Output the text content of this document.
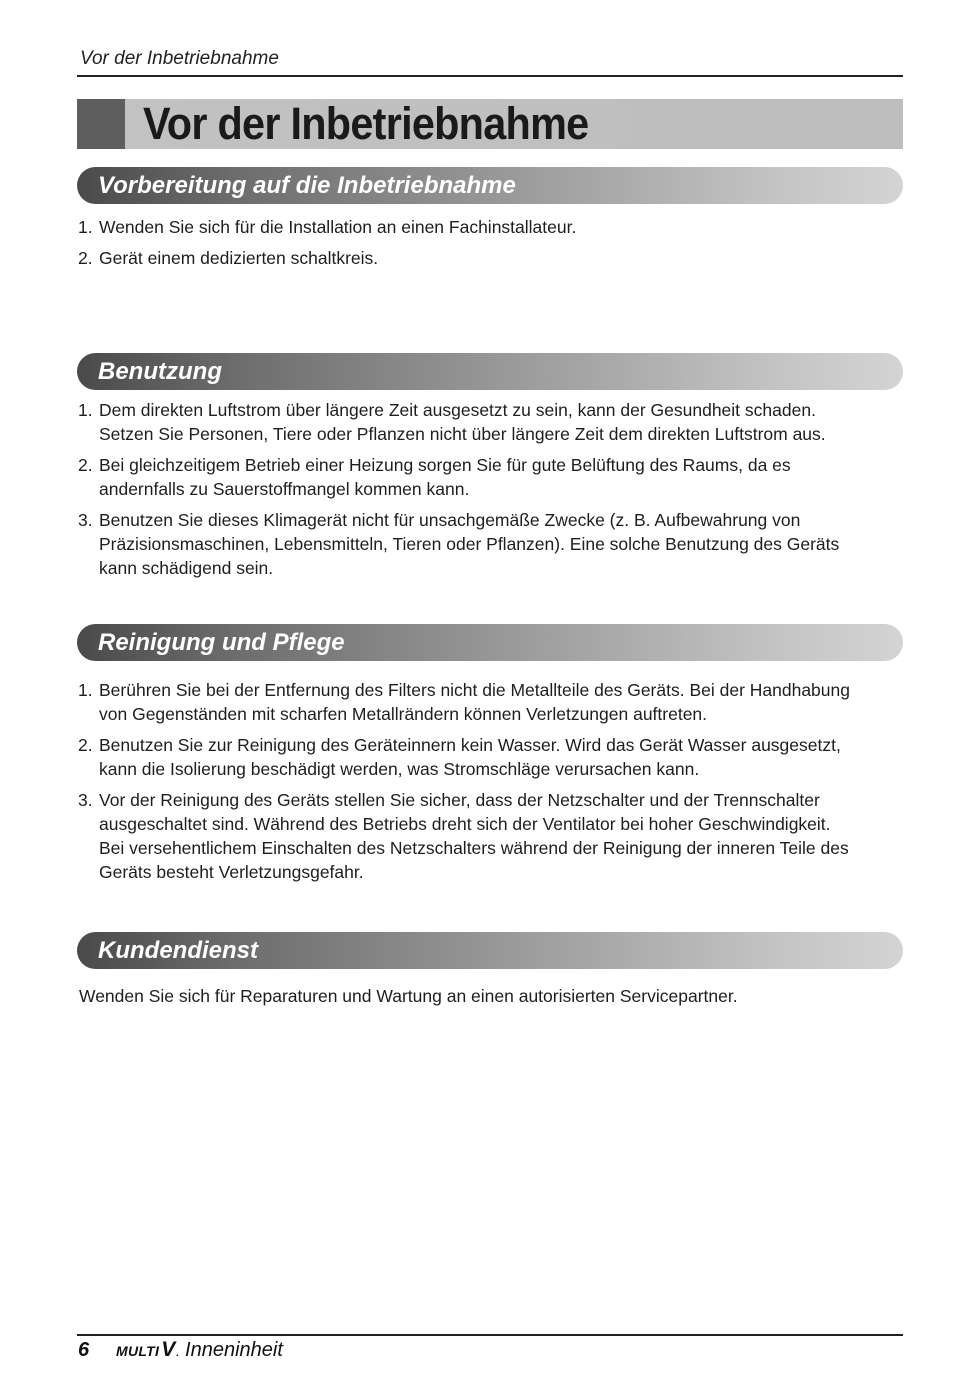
Vor der Inbetriebnahme
Vor der Inbetriebnahme
Vorbereitung auf die Inbetriebnahme
1. Wenden Sie sich für die Installation an einen Fachinstallateur.
2. Gerät einem dedizierten schaltkreis.
Benutzung
1. Dem direkten Luftstrom über längere Zeit ausgesetzt zu sein, kann der Gesundheit schaden.
Setzen Sie Personen, Tiere oder Pflanzen nicht über längere Zeit dem direkten Luftstrom aus.
2. Bei gleichzeitigem Betrieb einer Heizung sorgen Sie für gute Belüftung des Raums, da es
andernfalls zu Sauerstoffmangel kommen kann.
3. Benutzen Sie dieses Klimagerät nicht für unsachgemäße Zwecke (z. B. Aufbewahrung von
Präzisionsmaschinen, Lebensmitteln, Tieren oder Pflanzen). Eine solche Benutzung des Geräts
kann schädigend sein.
Reinigung und Pflege
1. Berühren Sie bei der Entfernung des Filters nicht die Metallteile des Geräts. Bei der Handhabung
von Gegenständen mit scharfen Metallrändern können Verletzungen auftreten.
2. Benutzen Sie zur Reinigung des Geräteinnern kein Wasser. Wird das Gerät Wasser ausgesetzt,
kann die Isolierung beschädigt werden, was Stromschläge verursachen kann.
3. Vor der Reinigung des Geräts stellen Sie sicher, dass der Netzschalter und der Trennschalter
ausgeschaltet sind. Während des Betriebs dreht sich der Ventilator bei hoher Geschwindigkeit.
Bei versehentlichem Einschalten des Netzschalters während der Reinigung der inneren Teile des
Geräts besteht Verletzungsgefahr.
Kundendienst
Wenden Sie sich für Reparaturen und Wartung an einen autorisierten Servicepartner.
6	MULTI V . Inneninheit
